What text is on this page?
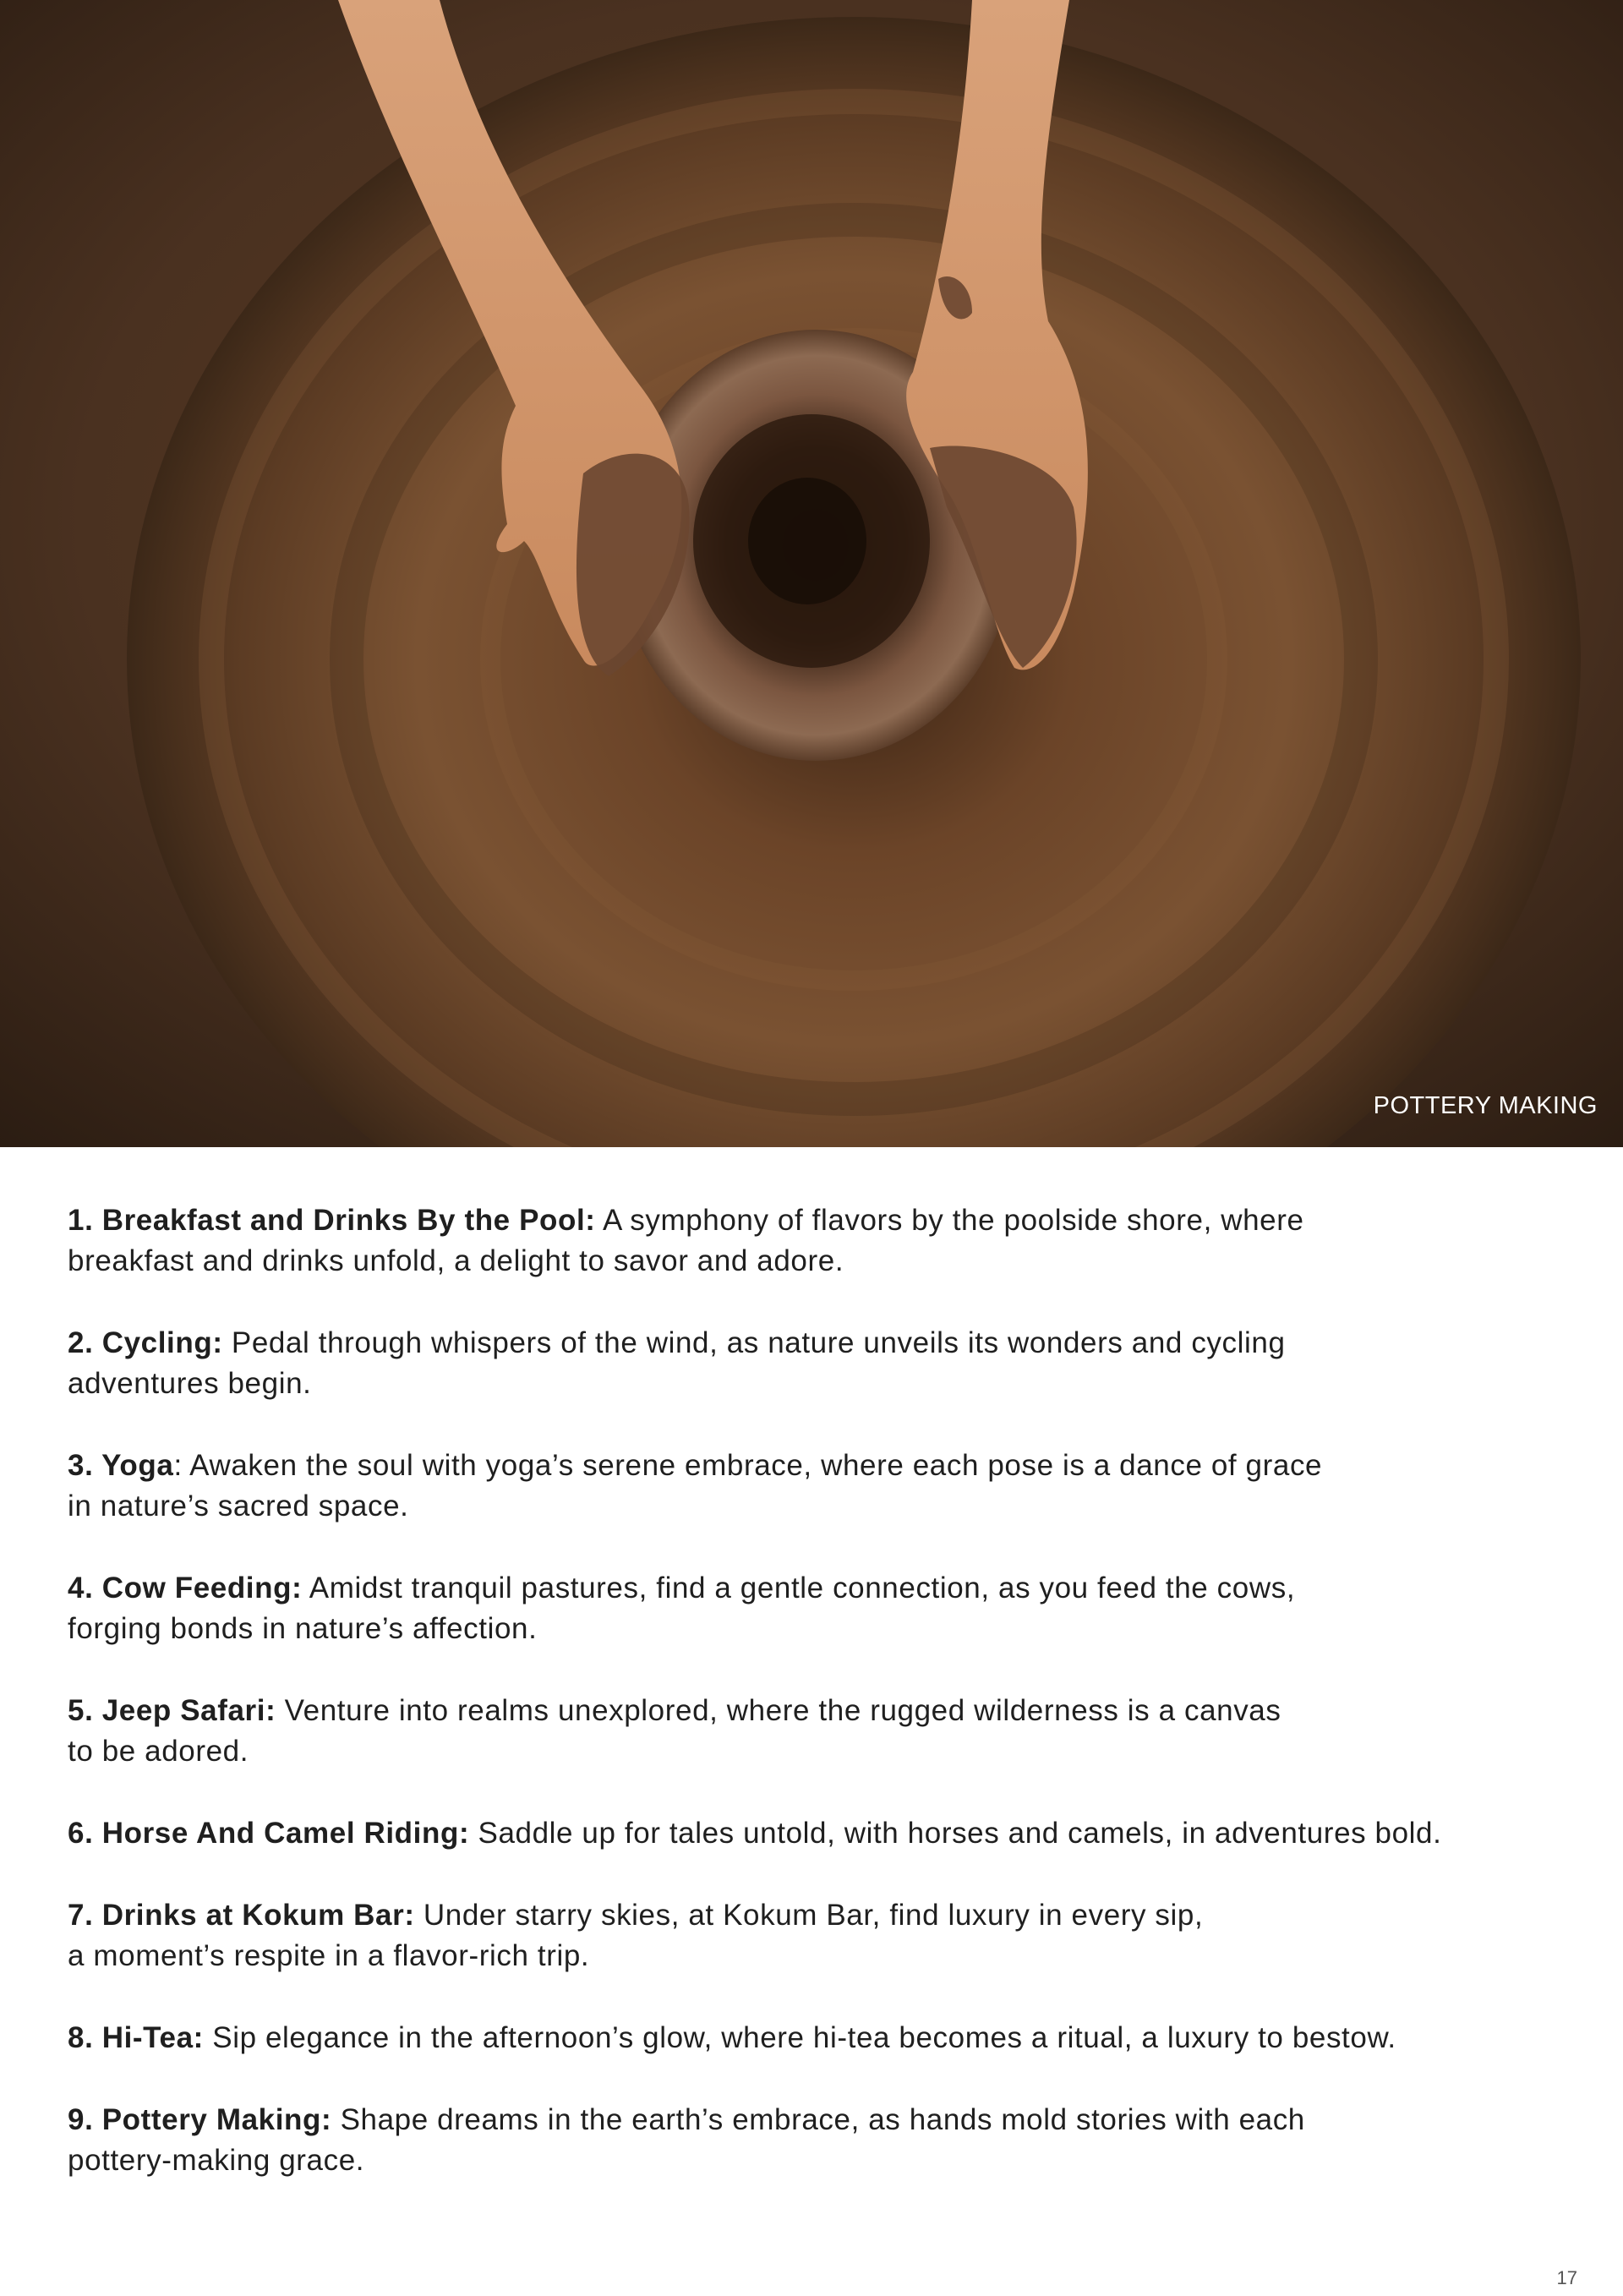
POTTERY MAKING
1. Breakfast and Drinks By the Pool: A symphony of flavors by the poolside shore, where
breakfast and drinks unfold, a delight to savor and adore.
2. Cycling: Pedal through whispers of the wind, as nature unveils its wonders and cycling
adventures begin.
3. Yoga: Awaken the soul with yoga’s serene embrace, where each pose is a dance of grace
in nature’s sacred space.
4. Cow Feeding: Amidst tranquil pastures, find a gentle connection, as you feed the cows,
forging bonds in nature’s affection.
5. Jeep Safari: Venture into realms unexplored, where the rugged wilderness is a canvas
to be adored.
6. Horse And Camel Riding: Saddle up for tales untold, with horses and camels, in adventures bold.
7. Drinks at Kokum Bar: Under starry skies, at Kokum Bar, find luxury in every sip,
a moment’s respite in a flavor-rich trip.
8. Hi-Tea: Sip elegance in the afternoon’s glow, where hi-tea becomes a ritual, a luxury to bestow.
9. Pottery Making: Shape dreams in the earth’s embrace, as hands mold stories with each
pottery-making grace.
17
